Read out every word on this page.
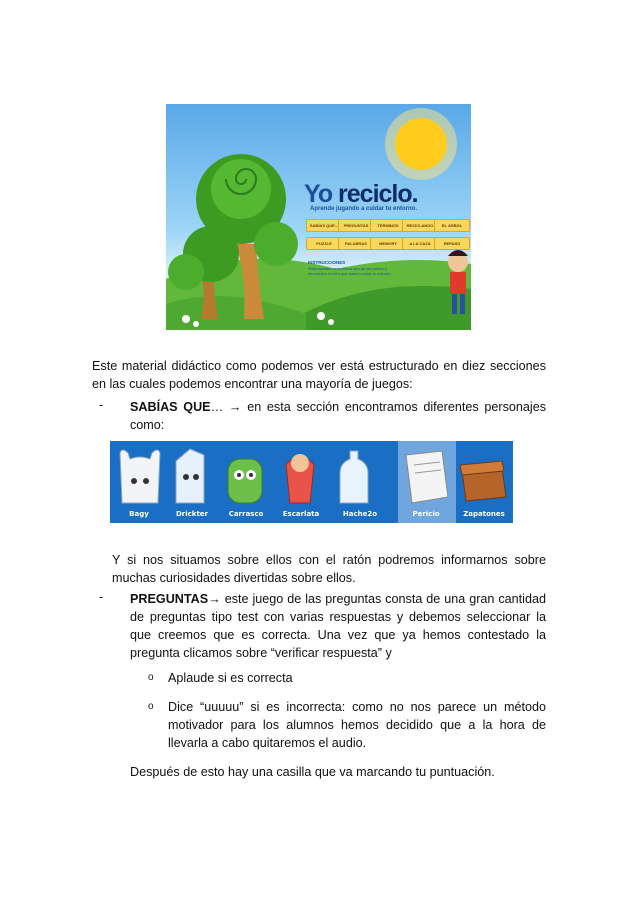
Yo reciclo.
Aprende jugando a cuidar tu entorno.
SABÍAS QUE...	PREGUNTAS	TERMINOS	RECICLANDO	EL ÁRBOL
PUZZLE	PALABRAS	MEMORY	A LA CAZA	REPASO
INSTRUCCIONES
Para acceder selecciona una de las partes y demuestra lo bien que sabes cuidar tu entorno.
Este material didáctico como podemos ver está estructurado en diez secciones en las cuales podemos encontrar una mayoría de juegos:
- SABÍAS QUE… → en esta sección encontramos diferentes personajes como:
Bagy	Drickter	Carrasco	Escarlata	Hache2o	Pericio	Zapatones
Y si nos situamos sobre ellos con el ratón podremos informarnos sobre muchas curiosidades divertidas sobre ellos.
- PREGUNTAS→ este juego de las preguntas consta de una gran cantidad de preguntas tipo test con varias respuestas y debemos seleccionar la que creemos que es correcta. Una vez que ya hemos contestado la pregunta clicamos sobre “verificar respuesta” y
o Aplaude si es correcta
o Dice “uuuuu” si es incorrecta: como no nos parece un método motivador para los alumnos hemos decidido que a la hora de llevarla a cabo quitaremos el audio.
Después de esto hay una casilla que va marcando tu puntuación.
